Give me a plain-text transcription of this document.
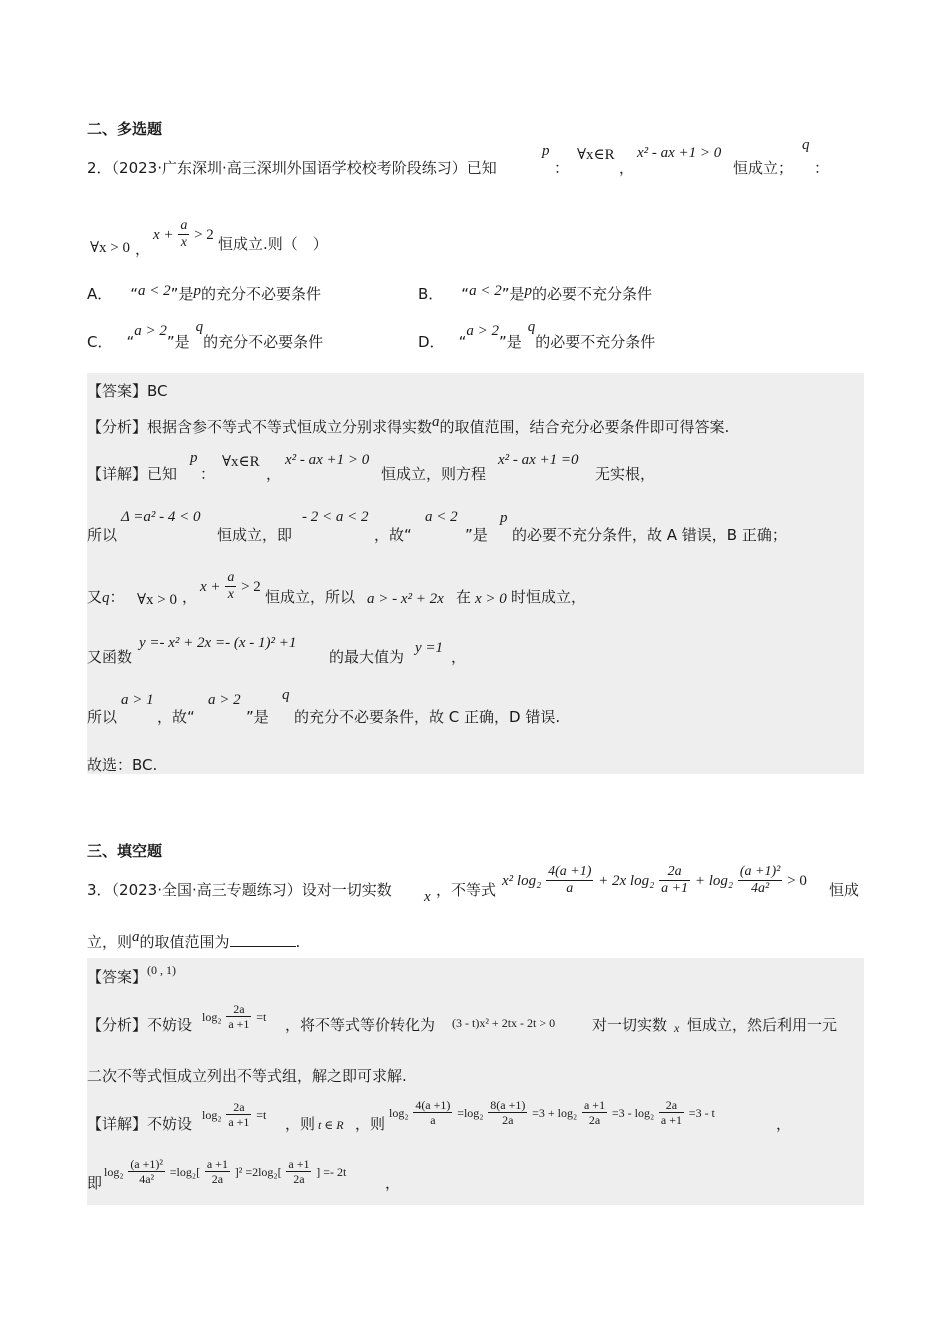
二、多选题
2．（2023·广东深圳·高三深圳外国语学校校考阶段练习）已知
p
：
∀x∈R
，
x² - ax +1 > 0
恒成立；
q
：
∀x > 0 ，
$x + \frac{a}{x} > 2$ 恒成立.则（　）
A． “a < 2”是p的充分不必要条件	B． “a < 2”是p的必要不充分条件
C． “a > 2”是q的充分不必要条件	D． “a > 2”是q的必要不充分条件
【答案】BC
【分析】根据含参不等式不等式恒成立分别求得实数a的取值范围，结合充分必要条件即可得答案.
【详解】已知
p
：
∀x∈R
，
x² - ax +1 > 0
恒成立，则方程
x² - ax +1 =0
无实根，
所以
Δ =a² - 4 < 0
恒成立，即
- 2 < a < 2
，故“
a < 2
”是
p
的必要不充分条件，故 A 错误，B 正确；
又q： ∀x > 0 ，
$x + \frac{a}{x} > 2$
恒成立，所以 a > - x² + 2x 在 x > 0 时恒成立，
又函数
y =- x² + 2x =- (x - 1)² +1
的最大值为 y =1 ，
所以
a > 1
，故“
a > 2
”是
q
的充分不必要条件，故 C 正确，D 错误.
故选：BC.
三、填空题
3．（2023·全国·高三专题练习）设对一切实数 x ，不等式 x² $\log_2 \frac{4(a +1)}{a} + 2x$ $\log_2 \frac{2a}{a +1} + \log_2 \frac{\text{(a +1)²}}{\text{4a²}} > 0$ 恒成
立，则a的取值范围为	.
【答案】$^{(0 , 1)}$
【分析】不妨设 $\log_2 \frac{2a}{a +1} =t$ ，将不等式等价转化为 (3 - t)x² + 2tx - 2t > 0 对一切实数 x 恒成立，然后利用一元
二次不等式恒成立列出不等式组，解之即可求解.
【详解】不妨设 $\log_2 \frac{2a}{a +1} =t$ ，则 t ∈ R ，则
$\log_2 \frac{4(a +1)}{a} =\log_2 \frac{8(a +1)}{2a} =3 + \log_2 \frac{a +1}{2a} =3 - \log_2 \frac{2a}{a +1} =3 - t$
，
即
$\log_2 \frac{\text{(a +1)²}}{\text{4a²}} =\log_2[ \frac{a +1}{2a} ]^2 =2\log_2[ \frac{a +1}{2a}$ ] =- 2t
，
